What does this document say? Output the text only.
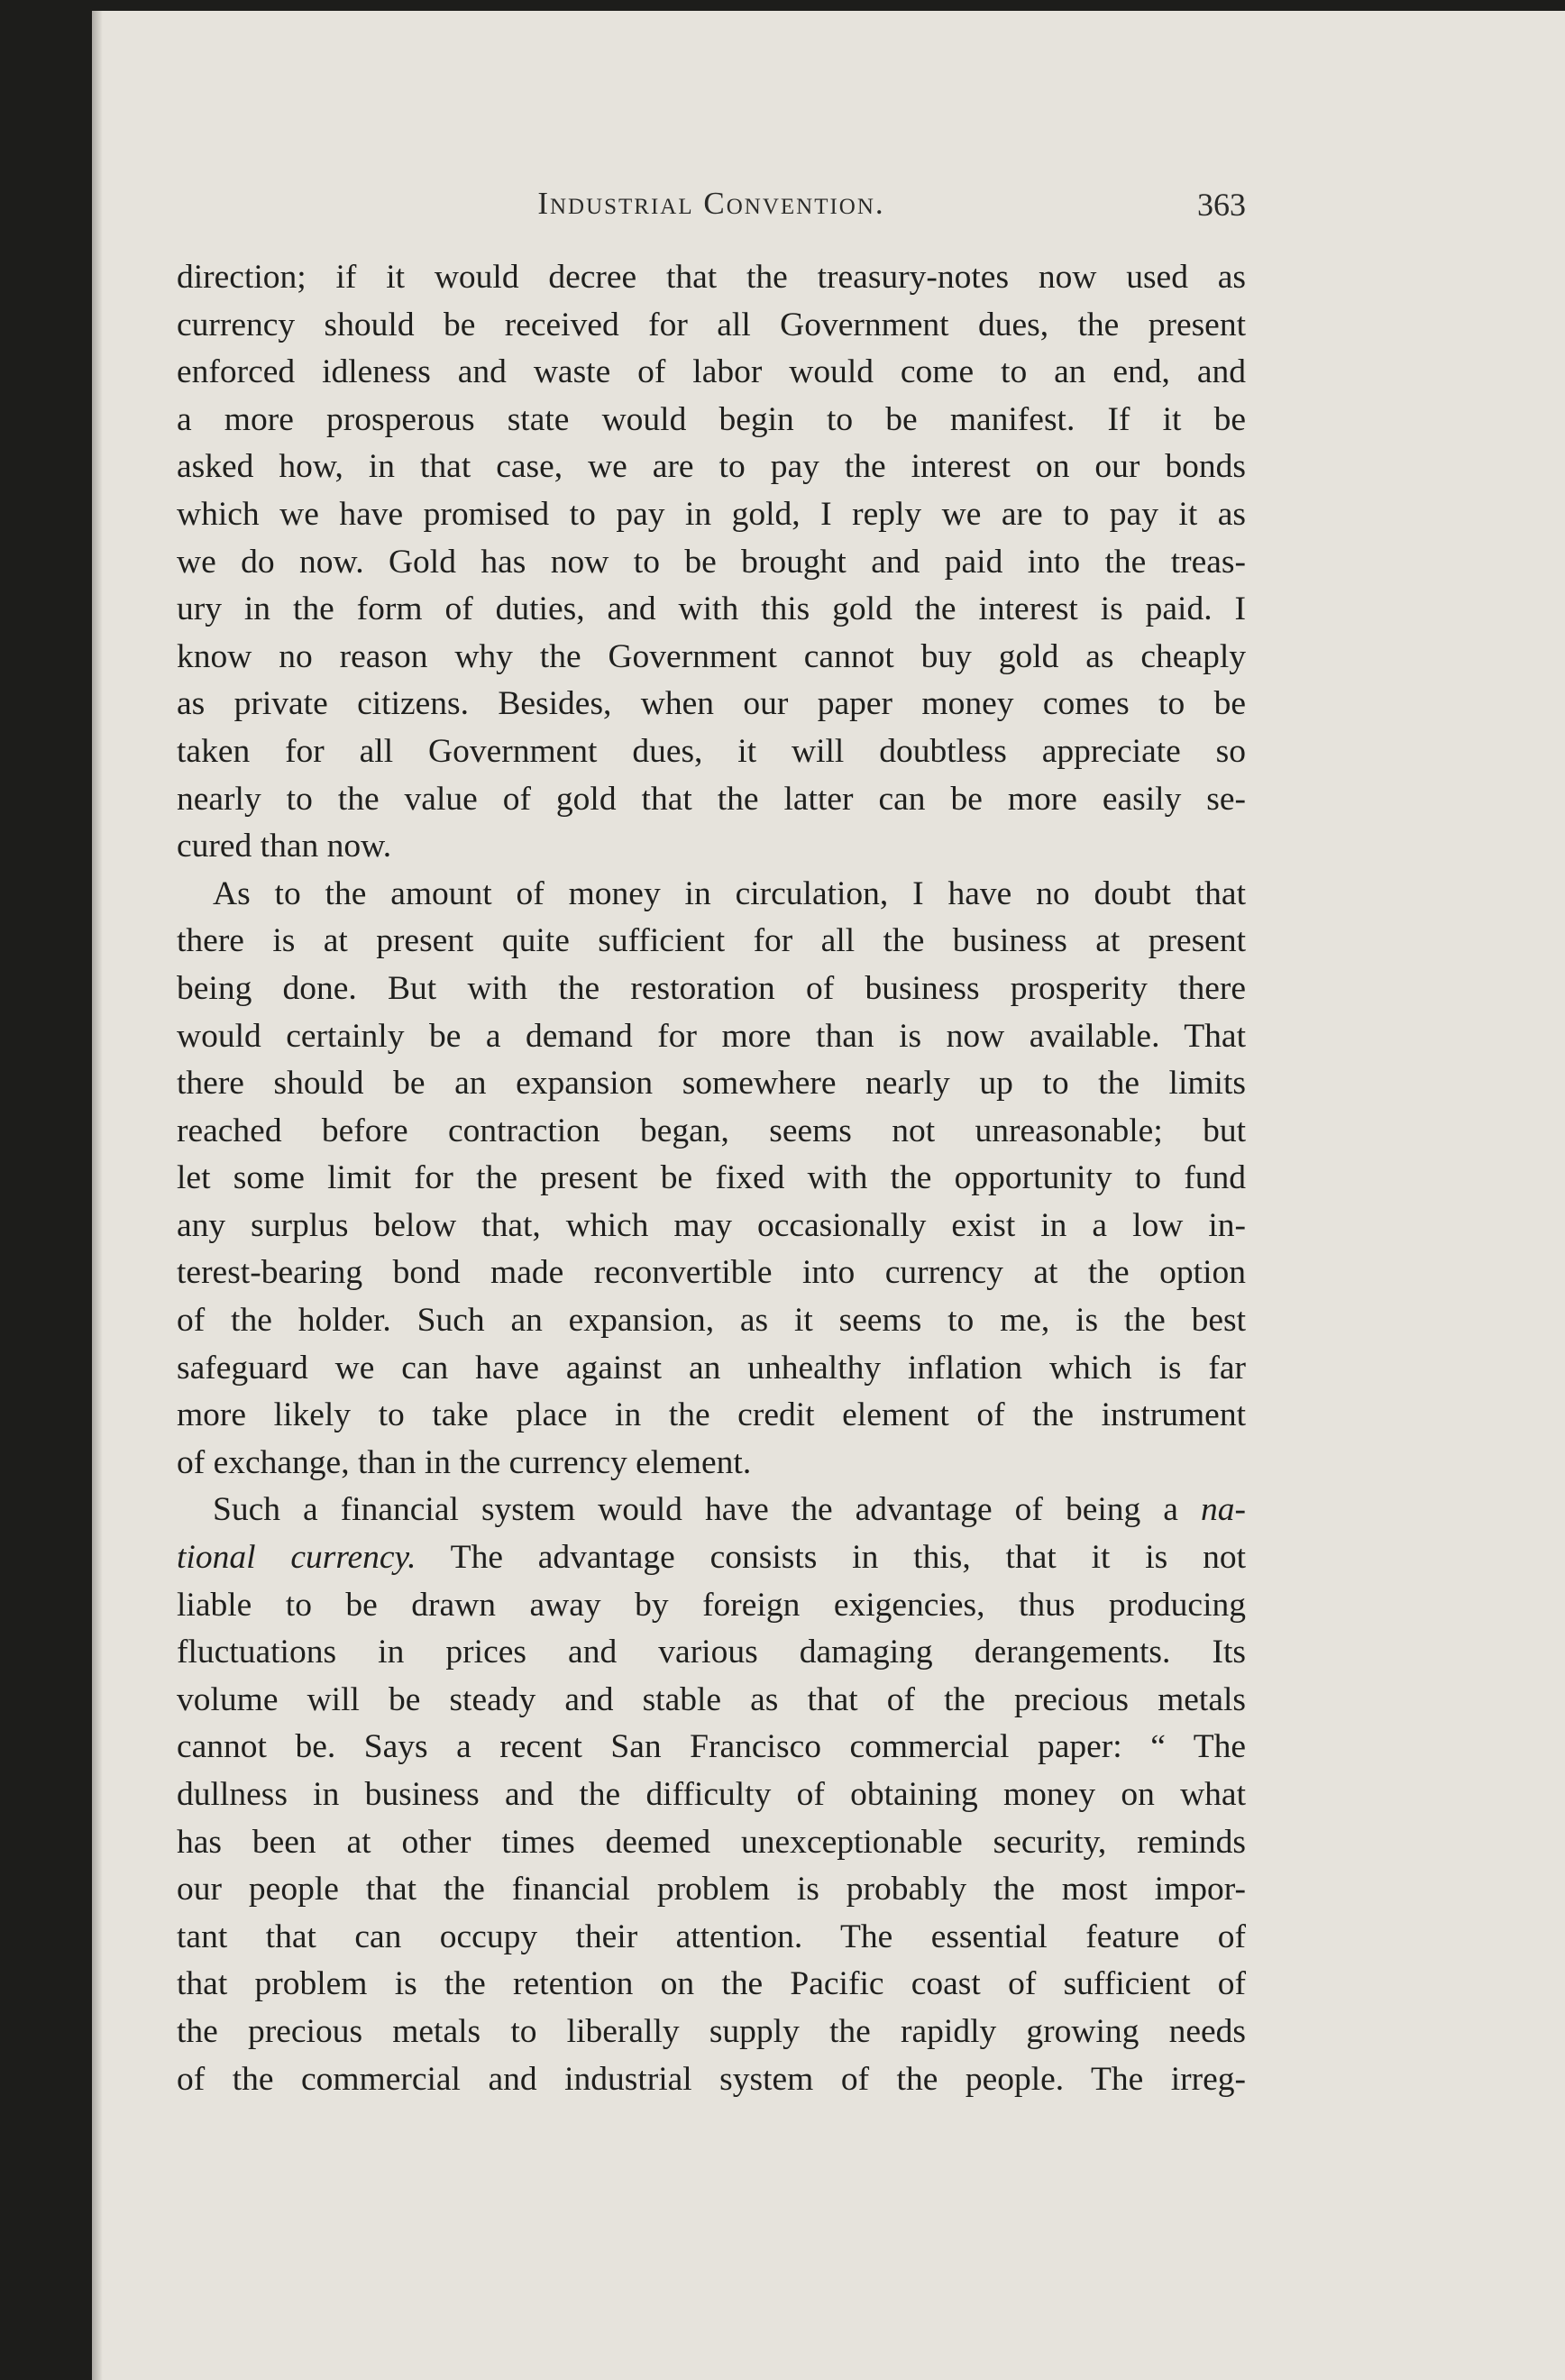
Industrial Convention.	363
direction; if it would decree that the treasury-notes now used as
currency should be received for all Government dues, the present
enforced idleness and waste of labor would come to an end, and
a more prosperous state would begin to be manifest. If it be
asked how, in that case, we are to pay the interest on our bonds
which we have promised to pay in gold, I reply we are to pay it as
we do now. Gold has now to be brought and paid into the treas-
ury in the form of duties, and with this gold the interest is paid. I
know no reason why the Government cannot buy gold as cheaply
as private citizens. Besides, when our paper money comes to be
taken for all Government dues, it will doubtless appreciate so
nearly to the value of gold that the latter can be more easily se-
cured than now.
As to the amount of money in circulation, I have no doubt that
there is at present quite sufficient for all the business at present
being done. But with the restoration of business prosperity there
would certainly be a demand for more than is now available. That
there should be an expansion somewhere nearly up to the limits
reached before contraction began, seems not unreasonable; but
let some limit for the present be fixed with the opportunity to fund
any surplus below that, which may occasionally exist in a low in-
terest-bearing bond made reconvertible into currency at the option
of the holder. Such an expansion, as it seems to me, is the best
safeguard we can have against an unhealthy inflation which is far
more likely to take place in the credit element of the instrument
of exchange, than in the currency element.
Such a financial system would have the advantage of being a na-
tional currency. The advantage consists in this, that it is not
liable to be drawn away by foreign exigencies, thus producing
fluctuations in prices and various damaging derangements. Its
volume will be steady and stable as that of the precious metals
cannot be. Says a recent San Francisco commercial paper: “ The
dullness in business and the difficulty of obtaining money on what
has been at other times deemed unexceptionable security, reminds
our people that the financial problem is probably the most impor-
tant that can occupy their attention. The essential feature of
that problem is the retention on the Pacific coast of sufficient of
the precious metals to liberally supply the rapidly growing needs
of the commercial and industrial system of the people. The irreg-
